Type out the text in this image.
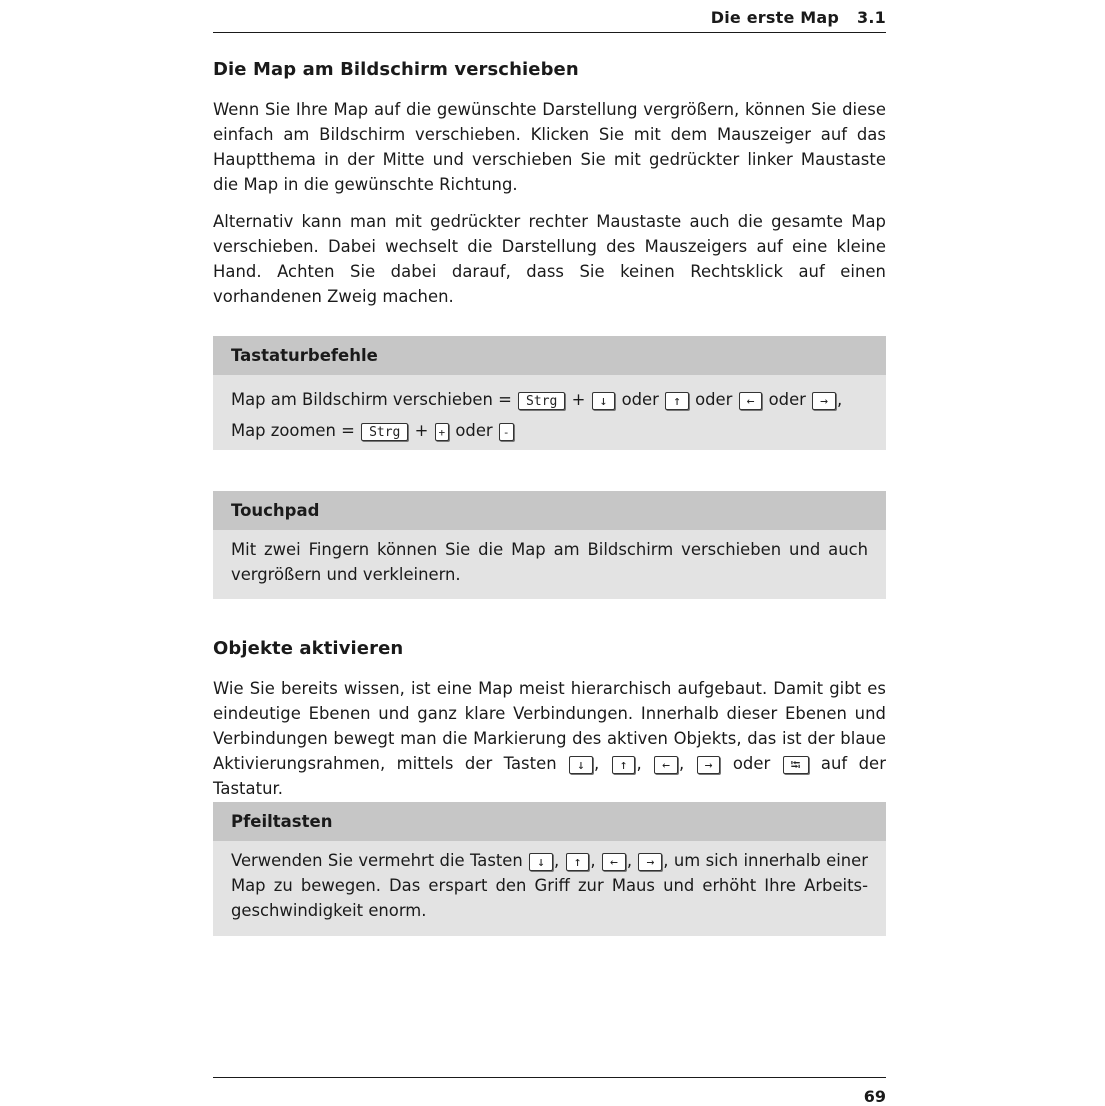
Die erste Map 3.1
Die Map am Bildschirm verschieben

Wenn Sie Ihre Map auf die gewünschte Darstellung vergrößern, können Sie diese einfach am Bildschirm verschieben. Klicken Sie mit dem Mauszeiger auf das Hauptthema in der Mitte und verschieben Sie mit gedrückter linker Maustaste die Map in die gewünschte Richtung.

Alternativ kann man mit gedrückter rechter Maustaste auch die gesamte Map verschieben. Dabei wechselt die Darstellung des Mauszeigers auf eine kleine Hand. Achten Sie dabei darauf, dass Sie keinen Rechtsklick auf einen vorhandenen Zweig machen.

Tastaturbefehle
Map am Bildschirm verschieben = Strg + ↓ oder ↑ oder ← oder → ,
Map zoomen = Strg + + oder -
Touchpad
Mit zwei Fingern können Sie die Map am Bildschirm verschieben und auch vergrößern und verkleinern.
Objekte aktivieren

Wie Sie bereits wissen, ist eine Map meist hierarchisch aufgebaut. Damit gibt es eindeutige Ebenen und ganz klare Verbindungen. Innerhalb dieser Ebenen und Verbindungen bewegt man die Markierung des aktiven Objekts, das ist der blaue Aktivierungsrahmen, mittels der Tasten ↓ , ↑ , ← , → oder ⭾ auf der Tastatur.

Pfeiltasten
Verwenden Sie vermehrt die Tasten ↓ , ↑ , ← , → , um sich innerhalb einer Map zu bewegen. Das erspart den Griff zur Maus und erhöht Ihre Arbeitsgeschwindigkeit enorm.
69
